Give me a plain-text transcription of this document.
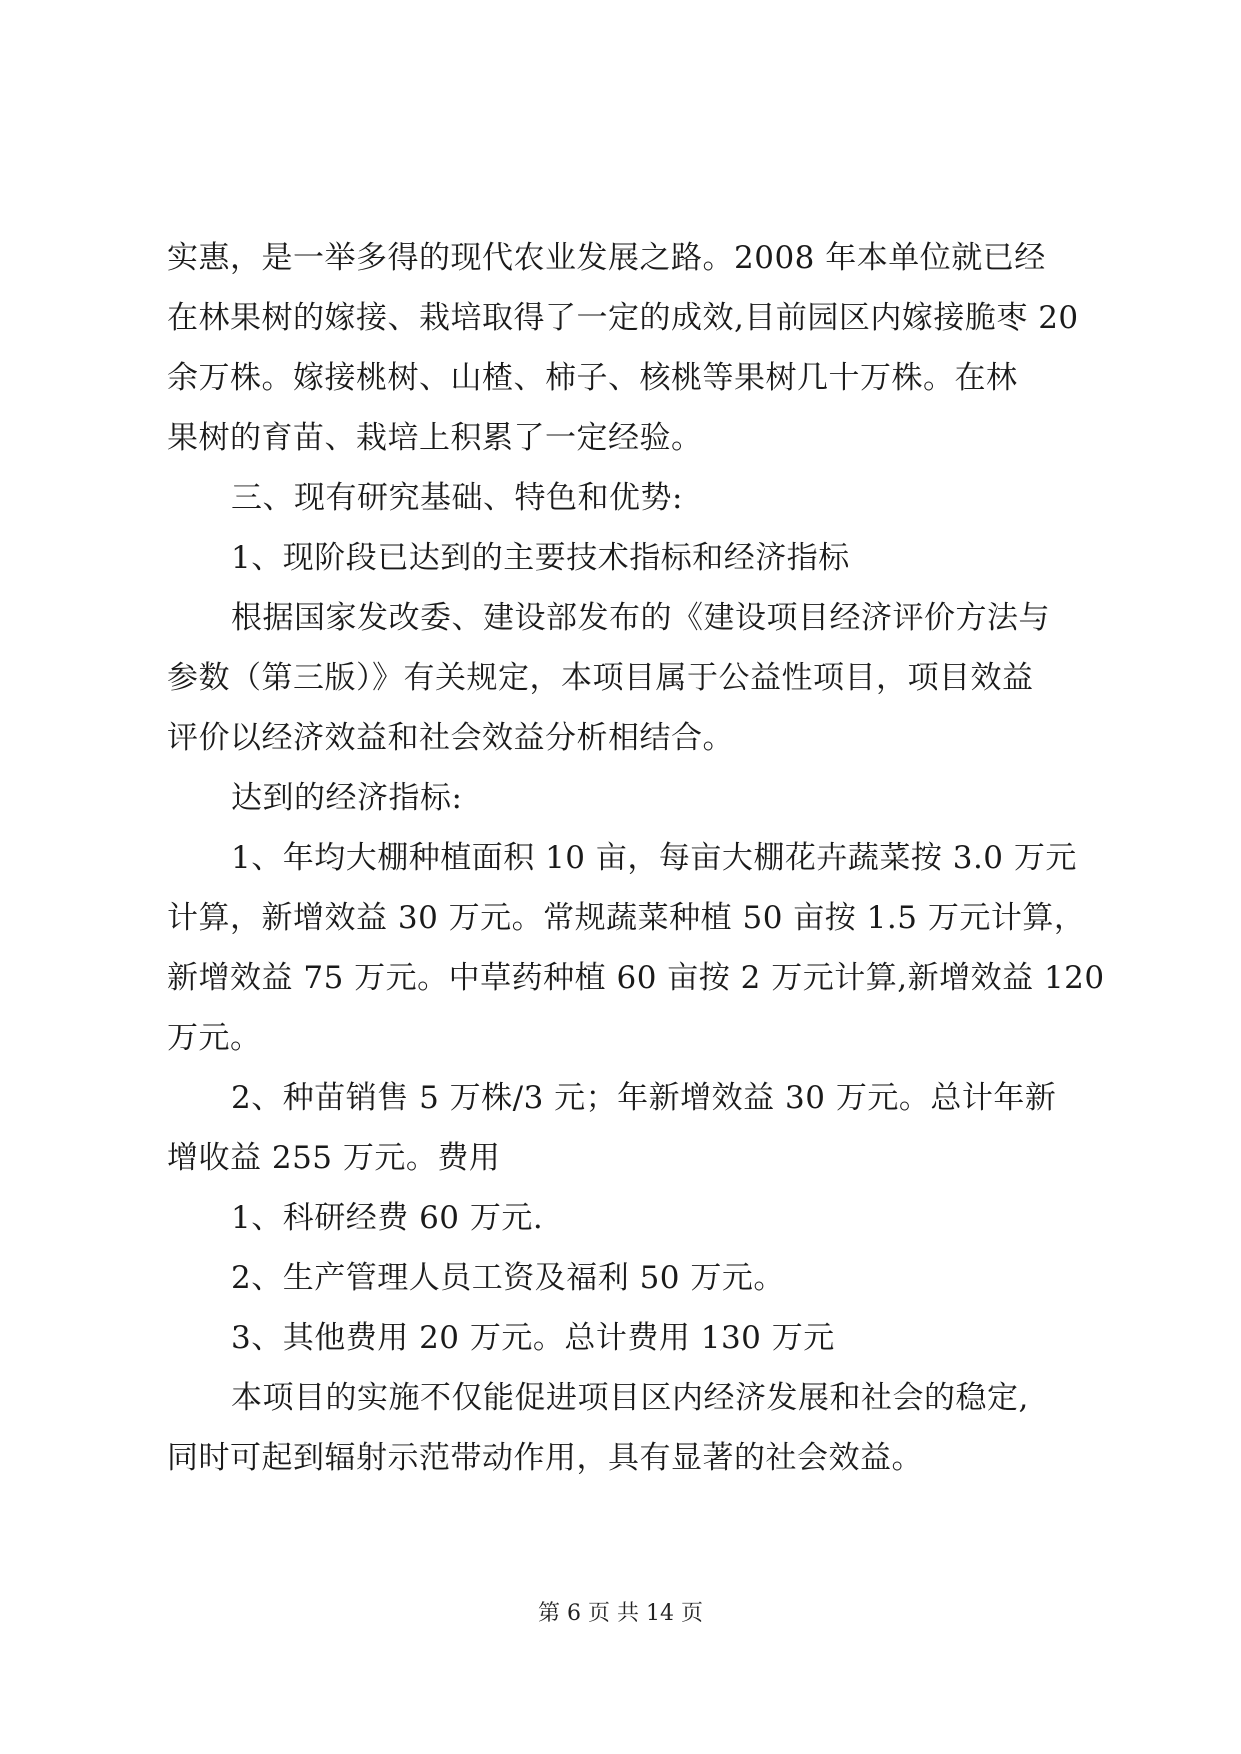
实惠，是一举多得的现代农业发展之路。2008 年本单位就已经
在林果树的嫁接、栽培取得了一定的成效,目前园区内嫁接脆枣 20
余万株。嫁接桃树、山楂、柿子、核桃等果树几十万株。在林
果树的育苗、栽培上积累了一定经验。
三、现有研究基础、特色和优势:
1、现阶段已达到的主要技术指标和经济指标
根据国家发改委、建设部发布的《建设项目经济评价方法与
参数（第三版）》有关规定，本项目属于公益性项目，项目效益
评价以经济效益和社会效益分析相结合。
达到的经济指标:
1、年均大棚种植面积 10 亩，每亩大棚花卉蔬菜按 3.0 万元
计算，新增效益 30 万元。常规蔬菜种植 50 亩按 1.5 万元计算，
新增效益 75 万元。中草药种植 60 亩按 2 万元计算,新增效益 120
万元。
2、种苗销售 5 万株/3 元；年新增效益 30 万元。总计年新
增收益 255 万元。费用
1、科研经费 60 万元.
2、生产管理人员工资及福利 50 万元。
3、其他费用 20 万元。总计费用 130 万元
本项目的实施不仅能促进项目区内经济发展和社会的稳定,
同时可起到辐射示范带动作用，具有显著的社会效益。
第 6 页 共 14 页
